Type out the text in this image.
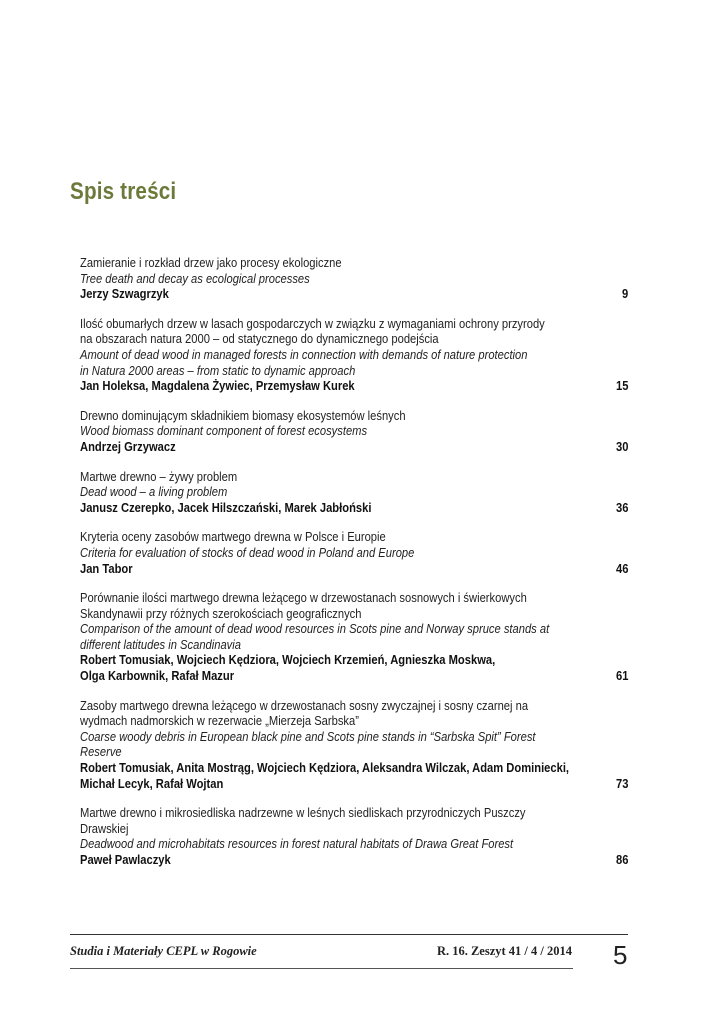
Spis treści
Zamieranie i rozkład drzew jako procesy ekologiczne
Tree death and decay as ecological processes
Jerzy Szwagrzyk	9
Ilość obumarłych drzew w lasach gospodarczych w związku z wymaganiami ochrony przyrody
na obszarach natura 2000 – od statycznego do dynamicznego podejścia
Amount of dead wood in managed forests in connection with demands of nature protection
in Natura 2000 areas – from static to dynamic approach
Jan Holeksa, Magdalena Żywiec, Przemysław Kurek	15
Drewno dominującym składnikiem biomasy ekosystemów leśnych
Wood biomass dominant component of forest ecosystems
Andrzej Grzywacz	30
Martwe drewno – żywy problem
Dead wood – a living problem
Janusz Czerepko, Jacek Hilszczański, Marek Jabłoński	36
Kryteria oceny zasobów martwego drewna w Polsce i Europie
Criteria for evaluation of stocks of dead wood in Poland and Europe
Jan Tabor	46
Porównanie ilości martwego drewna leżącego w drzewostanach sosnowych i świerkowych
Skandynawii przy różnych szerokościach geograficznych
Comparison of the amount of dead wood resources in Scots pine and Norway spruce stands at
different latitudes in Scandinavia
Robert Tomusiak, Wojciech Kędziora, Wojciech Krzemień, Agnieszka Moskwa,
Olga Karbownik, Rafał Mazur	61
Zasoby martwego drewna leżącego w drzewostanach sosny zwyczajnej i sosny czarnej na
wydmach nadmorskich w rezerwacie „Mierzeja Sarbska”
Coarse woody debris in European black pine and Scots pine stands in “Sarbska Spit” Forest
Reserve
Robert Tomusiak, Anita Mostrąg, Wojciech Kędziora, Aleksandra Wilczak, Adam Dominiecki,
Michał Lecyk, Rafał Wojtan	73
Martwe drewno i mikrosiedliska nadrzewne w leśnych siedliskach przyrodniczych Puszczy
Drawskiej
Deadwood and microhabitats resources in forest natural habitats of Drawa Great Forest
Paweł Pawlaczyk	86
Studia i Materiały CEPL w Rogowie	R. 16. Zeszyt 41 / 4 / 2014 5
